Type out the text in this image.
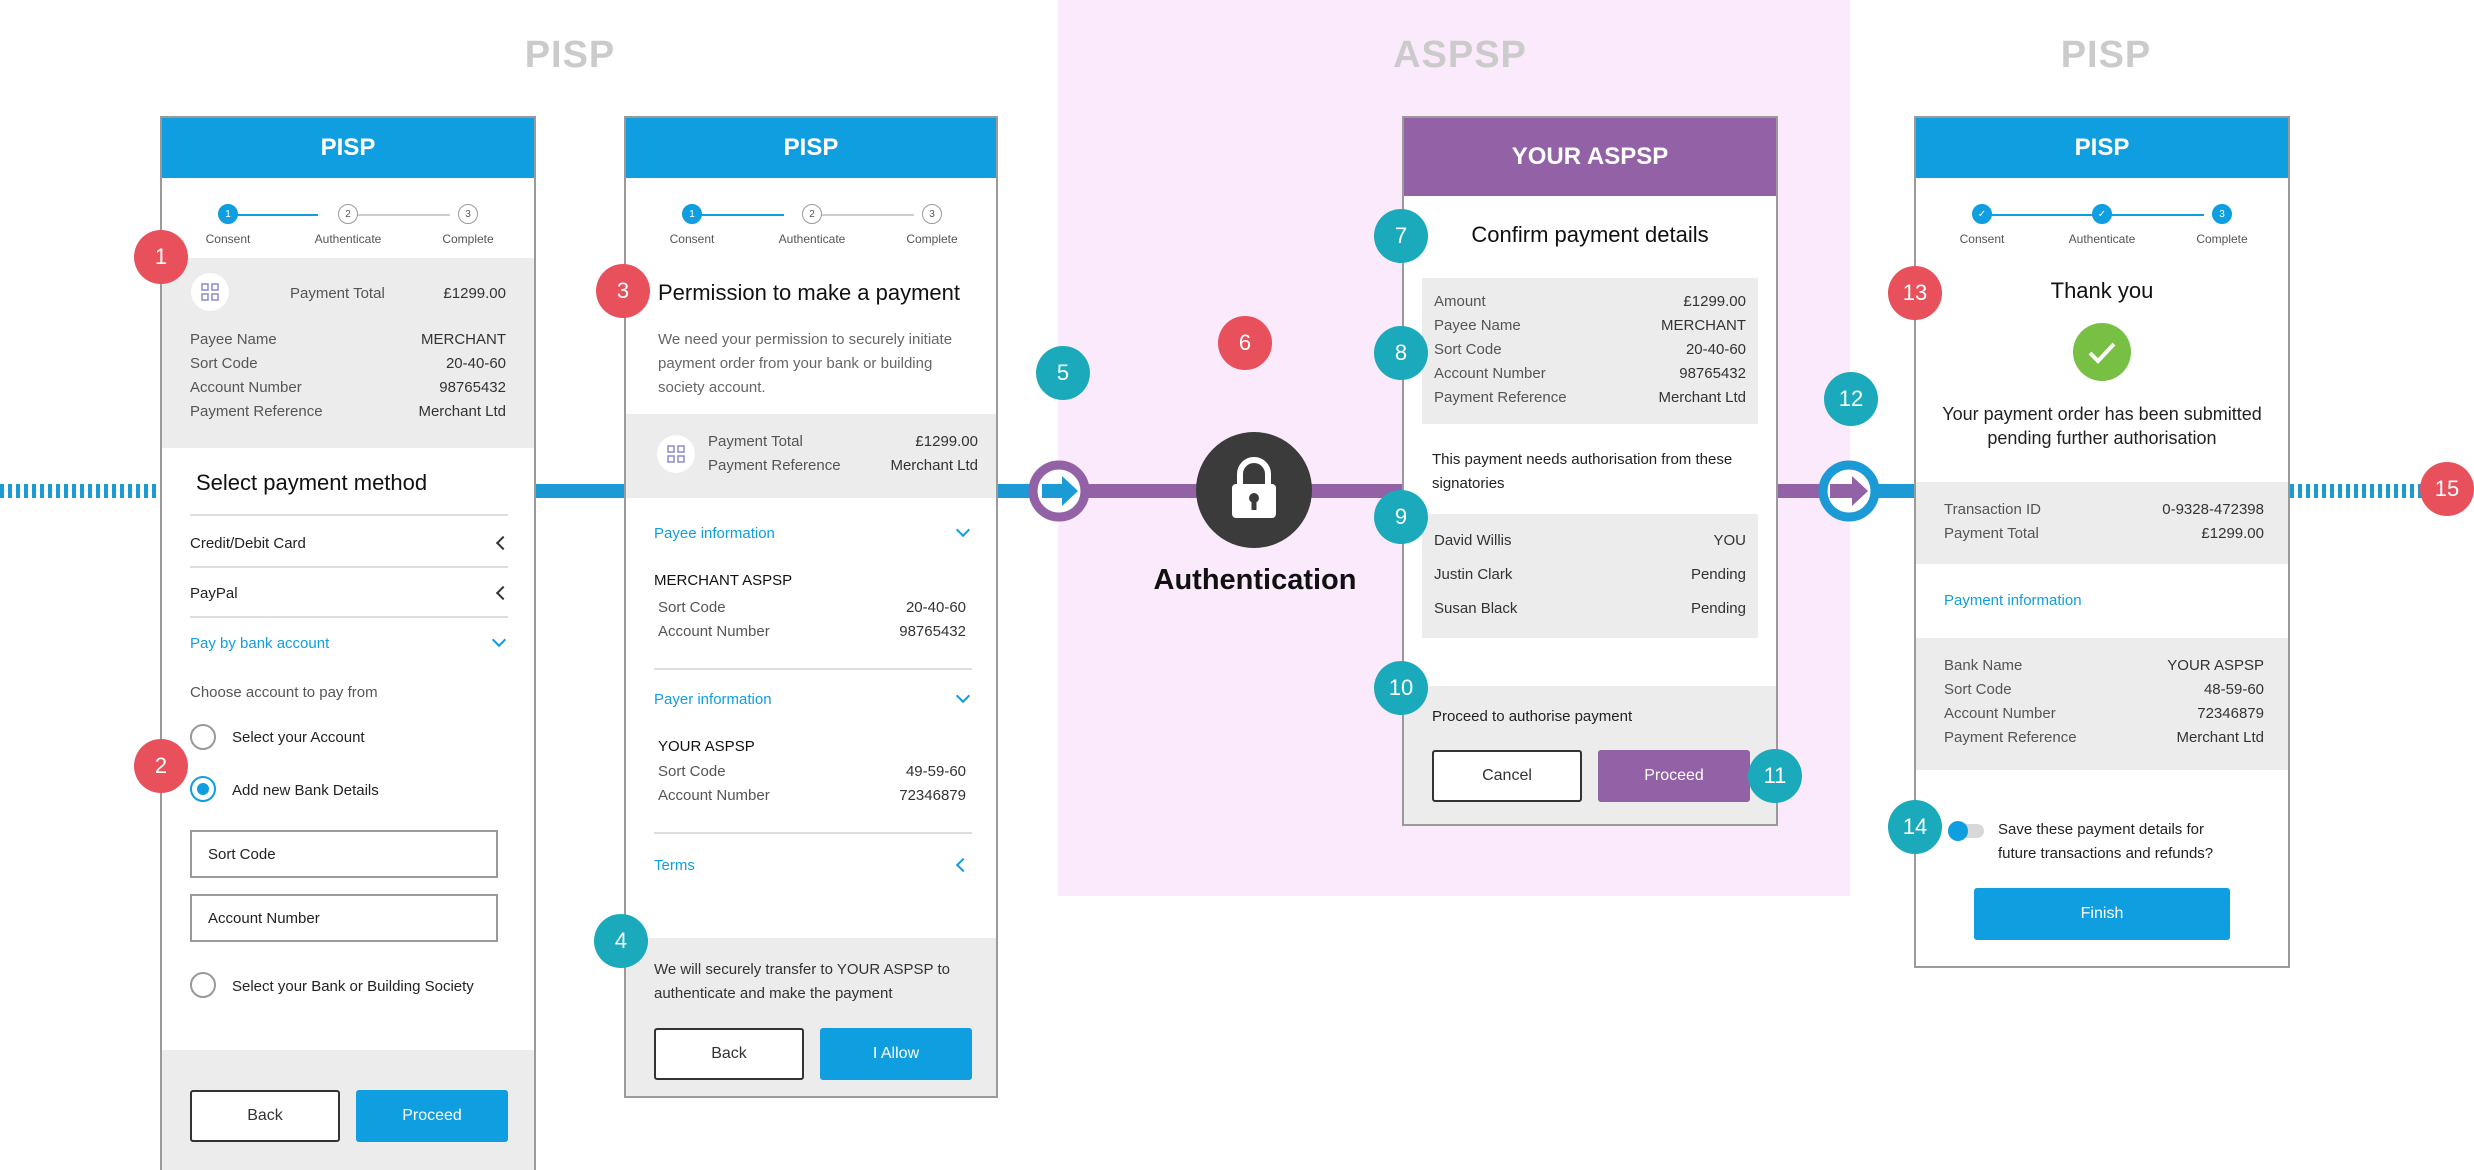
PISP	ASPSP	PISP
Authentication
PISP
1	2	3
Consent	Authenticate	Complete
Payment Total	£1299.00
Payee Name	MERCHANT
Sort Code	20-40-60
Account Number	98765432
Payment Reference	Merchant Ltd
Select payment method
Credit/Debit Card
PayPal
Pay by bank account
Choose account to pay from
Select your Account
Add new Bank Details
Sort Code
Account Number
Select your Bank or Building Society
Back	Proceed
PISP
1	2	3
Consent	Authenticate	Complete
Permission to make a payment
We need your permission to securely initiate payment order from your bank or building society account.
Payment Total	£1299.00
Payment Reference	Merchant Ltd
Payee information
MERCHANT ASPSP
Sort Code	20-40-60
Account Number	98765432
Payer information
YOUR ASPSP
Sort Code	49-59-60
Account Number	72346879
Terms
We will securely transfer to YOUR ASPSP to authenticate and make the payment
Back	I Allow
YOUR ASPSP
Confirm payment details
Amount	£1299.00
Payee Name	MERCHANT
Sort Code	20-40-60
Account Number	98765432
Payment Reference	Merchant Ltd
This payment needs authorisation from these signatories
David Willis	YOU
Justin Clark	Pending
Susan Black	Pending
Proceed to authorise payment
Cancel	Proceed
PISP
✓	✓	3
Consent	Authenticate	Complete
Thank you
Your payment order has been submitted
pending further authorisation
Transaction ID	0-9328-472398
Payment Total	£1299.00
Payment information
Bank Name	YOUR ASPSP
Sort Code	48-59-60
Account Number	72346879
Payment Reference	Merchant Ltd
Save these payment details for
future transactions and refunds?
Finish
1
2
3
4
5
6
7
8
9
10
11
12
13
14
15
